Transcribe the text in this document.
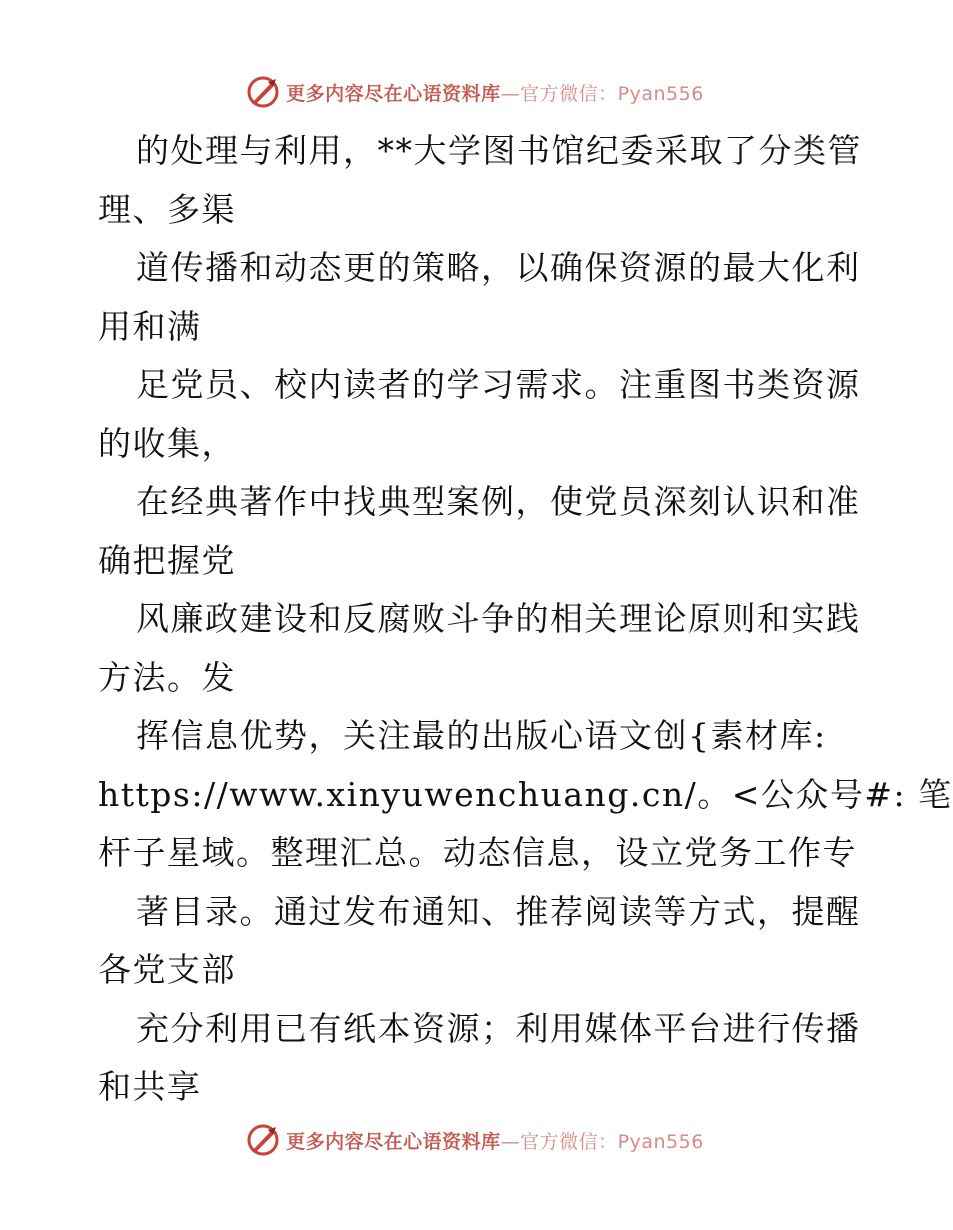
更多内容尽在心语资料库—官方微信：Pyan556
的处理与利用，**大学图书馆纪委采取了分类管
理、多渠
道传播和动态更的策略，以确保资源的最大化利
用和满
足党员、校内读者的学习需求。注重图书类资源
的收集，
在经典著作中找典型案例，使党员深刻认识和准
确把握党
风廉政建设和反腐败斗争的相关理论原则和实践
方法。发
挥信息优势，关注最的出版心语文创{素材库:
https://www.xinyuwenchuang.cn/。<公众号#: 笔
杆子星域。整理汇总。动态信息，设立党务工作专
著目录。通过发布通知、推荐阅读等方式，提醒
各党支部
充分利用已有纸本资源；利用媒体平台进行传播
和共享
更多内容尽在心语资料库—官方微信：Pyan556
